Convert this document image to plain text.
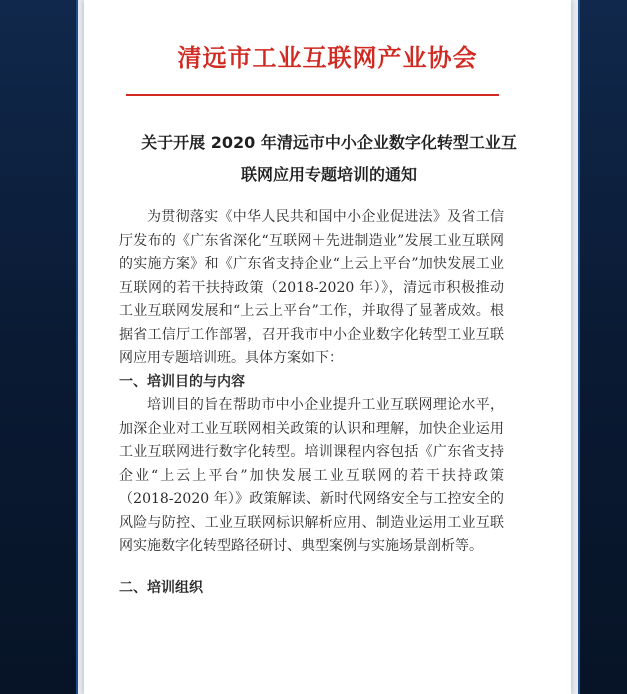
清远市工业互联网产业协会
关于开展 2020 年清远市中小企业数字化转型工业互
联网应用专题培训的通知

为贯彻落实《中华人民共和国中小企业促进法》及省工信厅发布的《广东省深化“互联网＋先进制造业”发展工业互联网的实施方案》和《广东省支持企业“上云上平台”加快发展工业互联网的若干扶持政策（2018-2020 年）》，清远市积极推动工业互联网发展和“上云上平台”工作，并取得了显著成效。根据省工信厅工作部署，召开我市中小企业数字化转型工业互联网应用专题培训班。具体方案如下：

一、培训目的与内容

培训目的旨在帮助市中小企业提升工业互联网理论水平，加深企业对工业互联网相关政策的认识和理解，加快企业运用工业互联网进行数字化转型。培训课程内容包括《广东省支持企业“上云上平台”加快发展工业互联网的若干扶持政策（2018-2020 年）》政策解读、新时代网络安全与工控安全的风险与防控、工业互联网标识解析应用、制造业运用工业互联网实施数字化转型路径研讨、典型案例与实施场景剖析等。

二、培训组织
